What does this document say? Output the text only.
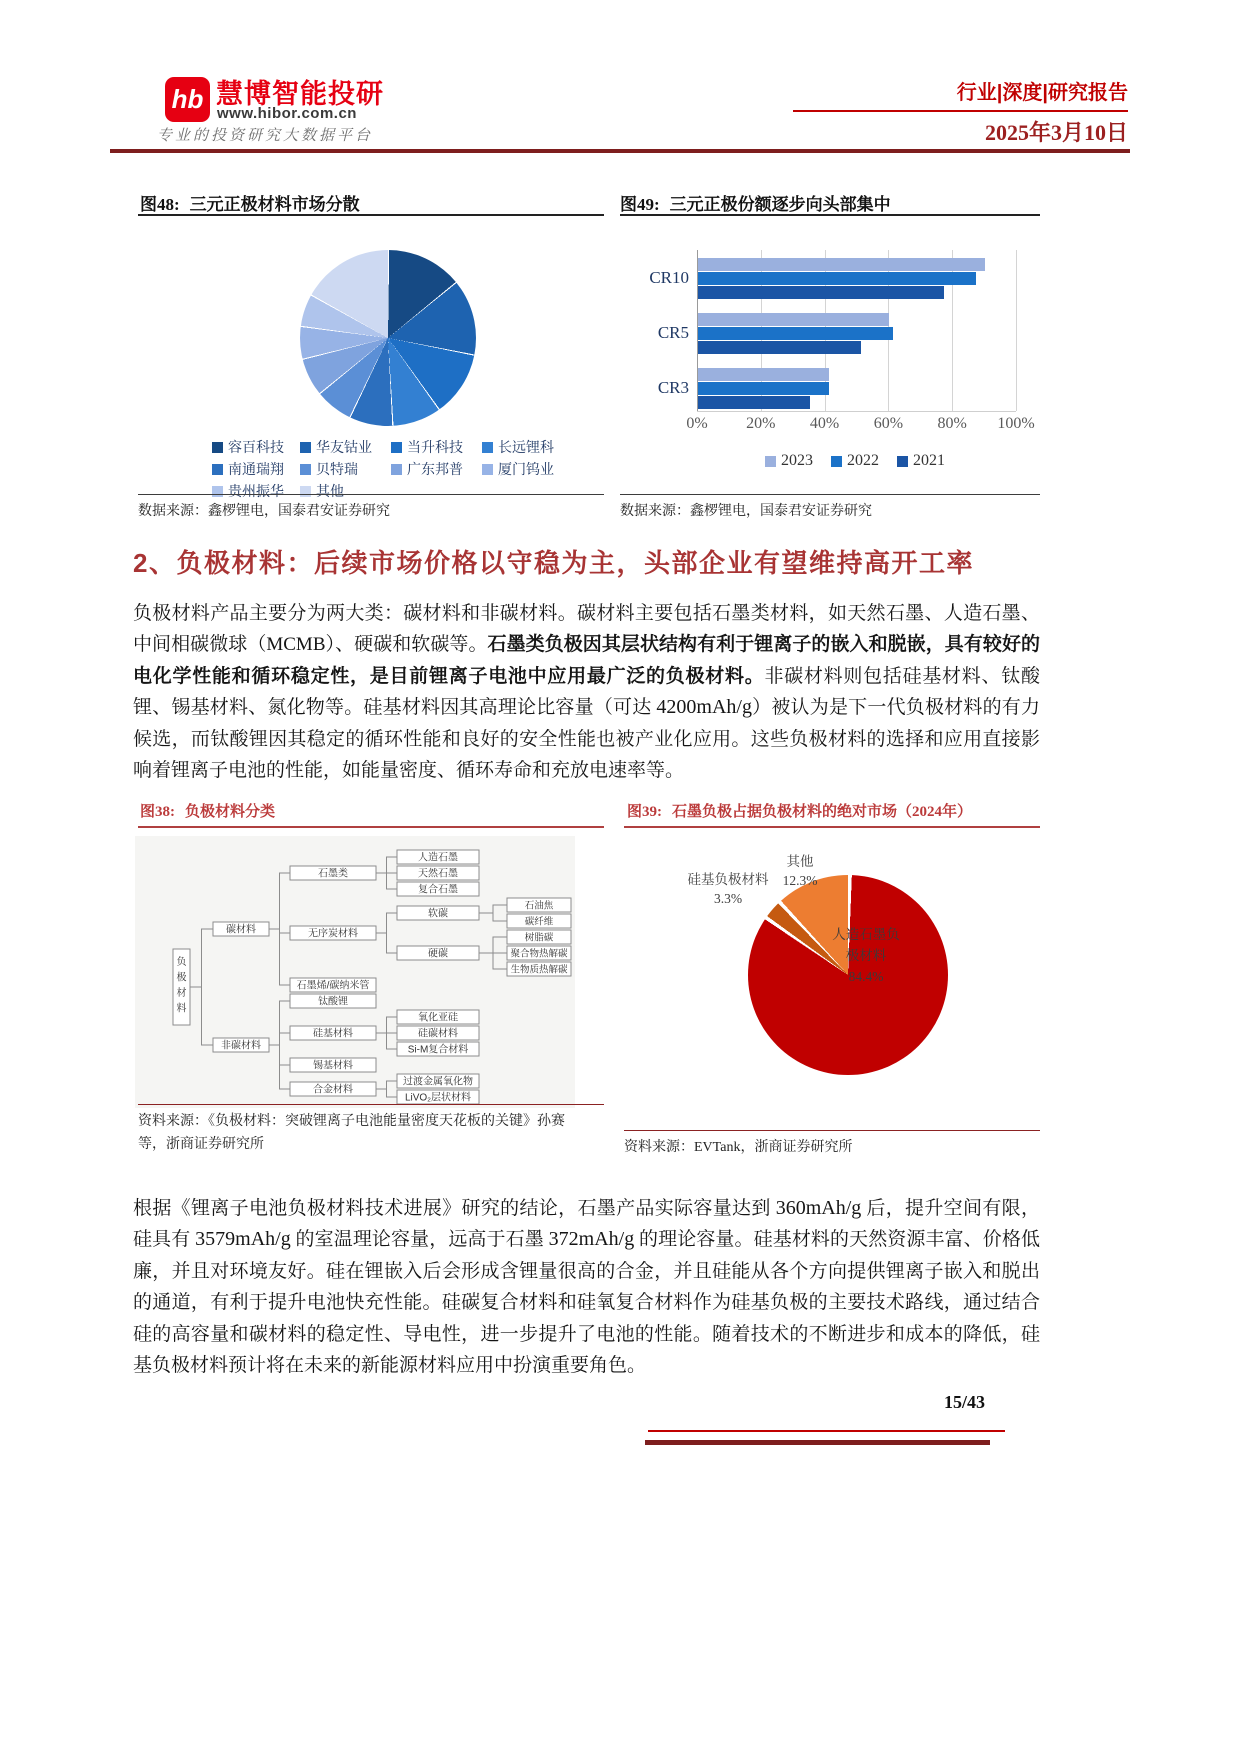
hb 慧博智能投研
www.hibor.com.cn
专业的投资研究大数据平台
行业|深度|研究报告
2025年3月10日
图48: 三元正极材料市场分散	图49: 三元正极份额逐步向头部集中
容百科技 华友钴业	当升科技	长远锂科
南通瑞翔 贝特瑞	广东邦普	厦门钨业
贵州振华 其他
数据来源：鑫椤锂电，国泰君安证券研究
CR10
CR5
CR3
0% 20% 40% 60% 80% 100%
2023 2022 2021
数据来源：鑫椤锂电，国泰君安证券研究
2、负极材料：后续市场价格以守稳为主，头部企业有望维持高开工率
负极材料产品主要分为两大类：碳材料和非碳材料。碳材料主要包括石墨类材料，如天然石墨、人造石墨、中间相碳微球（MCMB）、硬碳和软碳等。石墨类负极因其层状结构有利于锂离子的嵌入和脱嵌，具有较好的电化学性能和循环稳定性，是目前锂离子电池中应用最广泛的负极材料。非碳材料则包括硅基材料、钛酸锂、锡基材料、氮化物等。硅基材料因其高理论比容量（可达 4200mAh/g）被认为是下一代负极材料的有力候选，而钛酸锂因其稳定的循环性能和良好的安全性能也被产业化应用。这些负极材料的选择和应用直接影响着锂离子电池的性能，如能量密度、循环寿命和充放电速率等。
图38: 负极材料分类	图39: 石墨负极占据负极材料的绝对市场（2024年）
人造石墨
天然石墨
复合石墨
石墨类
石油焦
碳纤维
软碳
树脂碳
聚合物热解碳
生物质热解碳
硬碳
无序炭材料
石墨烯/碳纳米管
碳材料
钛酸锂
氧化亚硅
硅碳材料
Si-M复合材料
硅基材料
锡基材料
过渡金属氧化物
LiVO₂层状材料
合金材料
非碳材料
负极材料
资料来源：《负极材料：突破锂离子电池能量密度天花板的关键》孙赛
等，浙商证券研究所
其他
12.3%
硅基负极材料
3.3%
人造石墨负
极材料
84.4%
资料来源：EVTank，浙商证券研究所
根据《锂离子电池负极材料技术进展》研究的结论，石墨产品实际容量达到 360mAh/g 后，提升空间有限，硅具有 3579mAh/g 的室温理论容量，远高于石墨 372mAh/g 的理论容量。硅基材料的天然资源丰富、价格低廉，并且对环境友好。硅在锂嵌入后会形成含锂量很高的合金，并且硅能从各个方向提供锂离子嵌入和脱出的通道，有利于提升电池快充性能。硅碳复合材料和硅氧复合材料作为硅基负极的主要技术路线，通过结合硅的高容量和碳材料的稳定性、导电性，进一步提升了电池的性能。随着技术的不断进步和成本的降低，硅基负极材料预计将在未来的新能源材料应用中扮演重要角色。
15/43
